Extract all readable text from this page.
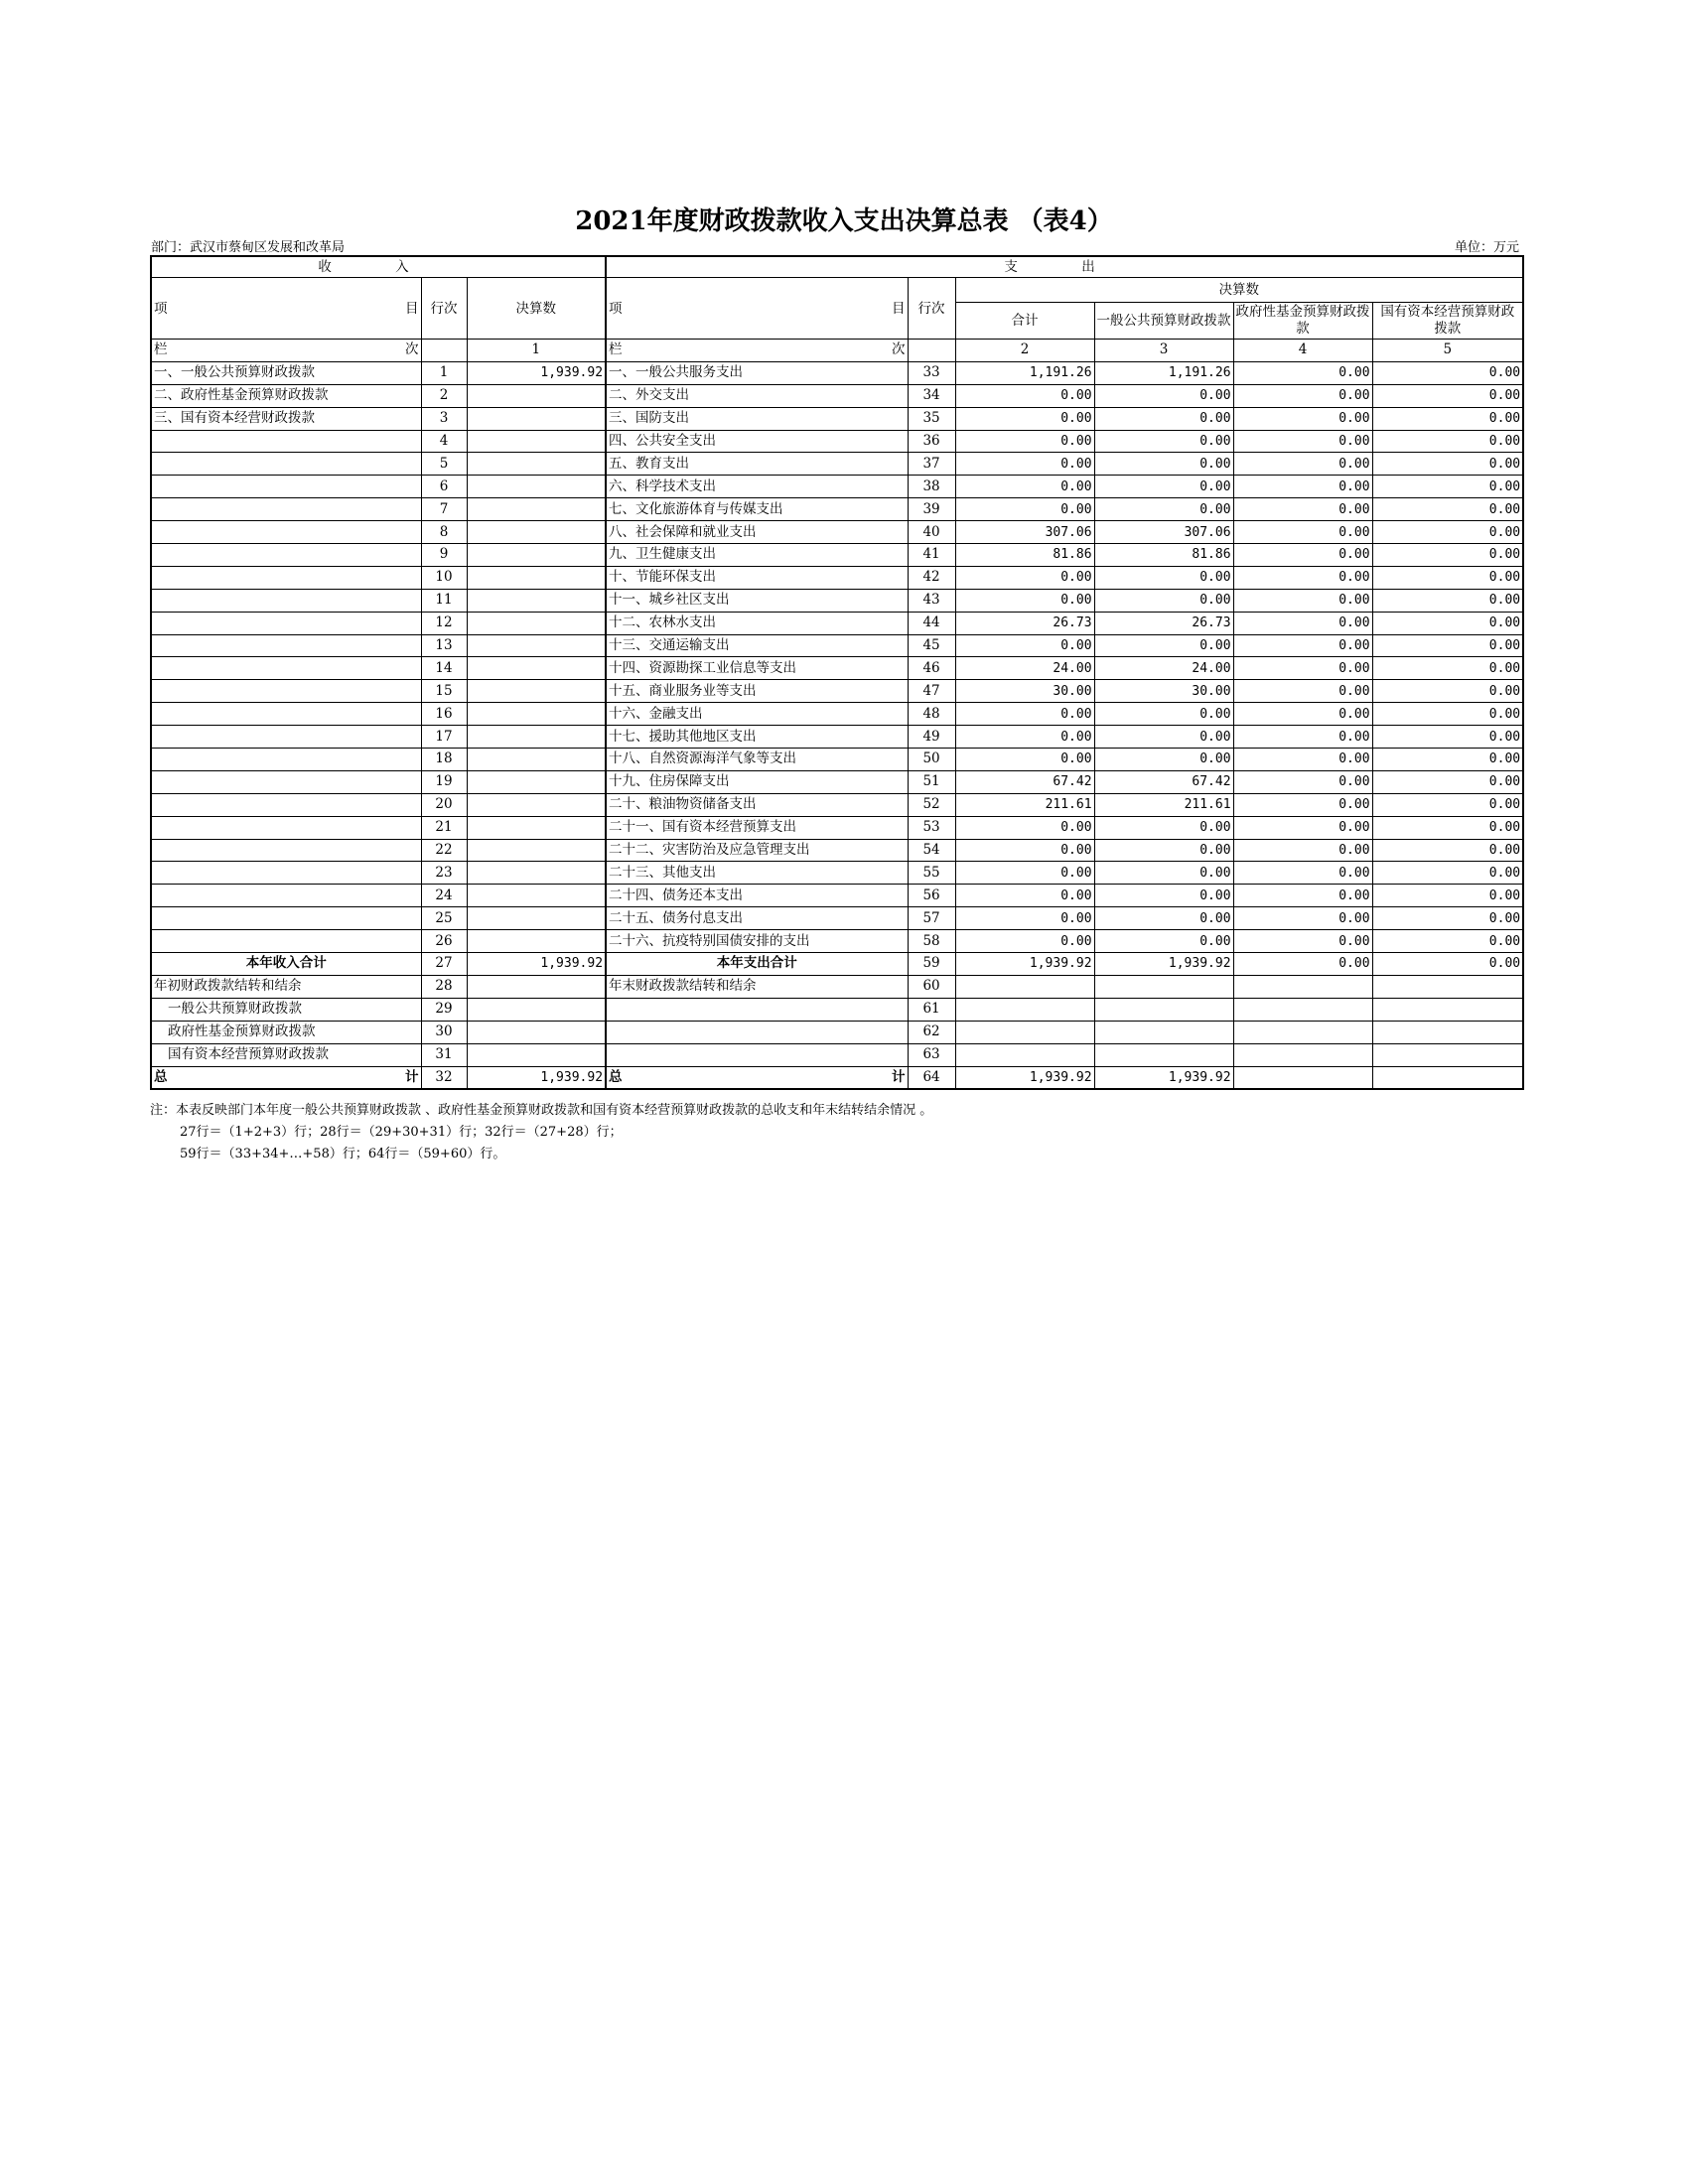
2021年度财政拨款收入支出决算总表 （表4）
部门：武汉市蔡甸区发展和改革局	单位：万元
收 入			支 出					

项 目	行次	决算数	项 目	行次	决算数			
					合计	一般公共预算财政拨款	政府性基金预算财政拨款	国有资本经营预算财政拨款

栏 次		1	栏 次		2	3	4	5
一、一般公共预算财政拨款	1	1,939.92	一、一般公共服务支出	33	1,191.26	1,191.26	0.00	0.00
二、政府性基金预算财政拨款	2		二、外交支出	34	0.00	0.00	0.00	0.00
三、国有资本经营财政拨款	3		三、国防支出	35	0.00	0.00	0.00	0.00
	4		四、公共安全支出	36	0.00	0.00	0.00	0.00
	5		五、教育支出	37	0.00	0.00	0.00	0.00
	6		六、科学技术支出	38	0.00	0.00	0.00	0.00
	7		七、文化旅游体育与传媒支出	39	0.00	0.00	0.00	0.00
	8		八、社会保障和就业支出	40	307.06	307.06	0.00	0.00
	9		九、卫生健康支出	41	81.86	81.86	0.00	0.00
	10		十、节能环保支出	42	0.00	0.00	0.00	0.00
	11		十一、城乡社区支出	43	0.00	0.00	0.00	0.00
	12		十二、农林水支出	44	26.73	26.73	0.00	0.00
	13		十三、交通运输支出	45	0.00	0.00	0.00	0.00
	14		十四、资源勘探工业信息等支出	46	24.00	24.00	0.00	0.00
	15		十五、商业服务业等支出	47	30.00	30.00	0.00	0.00
	16		十六、金融支出	48	0.00	0.00	0.00	0.00
	17		十七、援助其他地区支出	49	0.00	0.00	0.00	0.00
	18		十八、自然资源海洋气象等支出	50	0.00	0.00	0.00	0.00
	19		十九、住房保障支出	51	67.42	67.42	0.00	0.00
	20		二十、粮油物资储备支出	52	211.61	211.61	0.00	0.00
	21		二十一、国有资本经营预算支出	53	0.00	0.00	0.00	0.00
	22		二十二、灾害防治及应急管理支出	54	0.00	0.00	0.00	0.00
	23		二十三、其他支出	55	0.00	0.00	0.00	0.00
	24		二十四、债务还本支出	56	0.00	0.00	0.00	0.00
	25		二十五、债务付息支出	57	0.00	0.00	0.00	0.00
	26		二十六、抗疫特别国债安排的支出	58	0.00	0.00	0.00	0.00
本年收入合计	27	1,939.92	本年支出合计	59	1,939.92	1,939.92	0.00	0.00
年初财政拨款结转和结余	28		年末财政拨款结转和结余	60				
一般公共预算财政拨款	29			61				
政府性基金预算财政拨款	30			62				
国有资本经营预算财政拨款	31			63				

总 计	32	1,939.92	总 计	64	1,939.92	1,939.92		
注：本表反映部门本年度一般公共预算财政拨款 、政府性基金预算财政拨款和国有资本经营预算财政拨款的总收支和年末结转结余情况 。
27行＝（1+2+3）行；28行＝（29+30+31）行；32行＝（27+28）行；
59行＝（33+34+…+58）行；64行＝（59+60）行。
